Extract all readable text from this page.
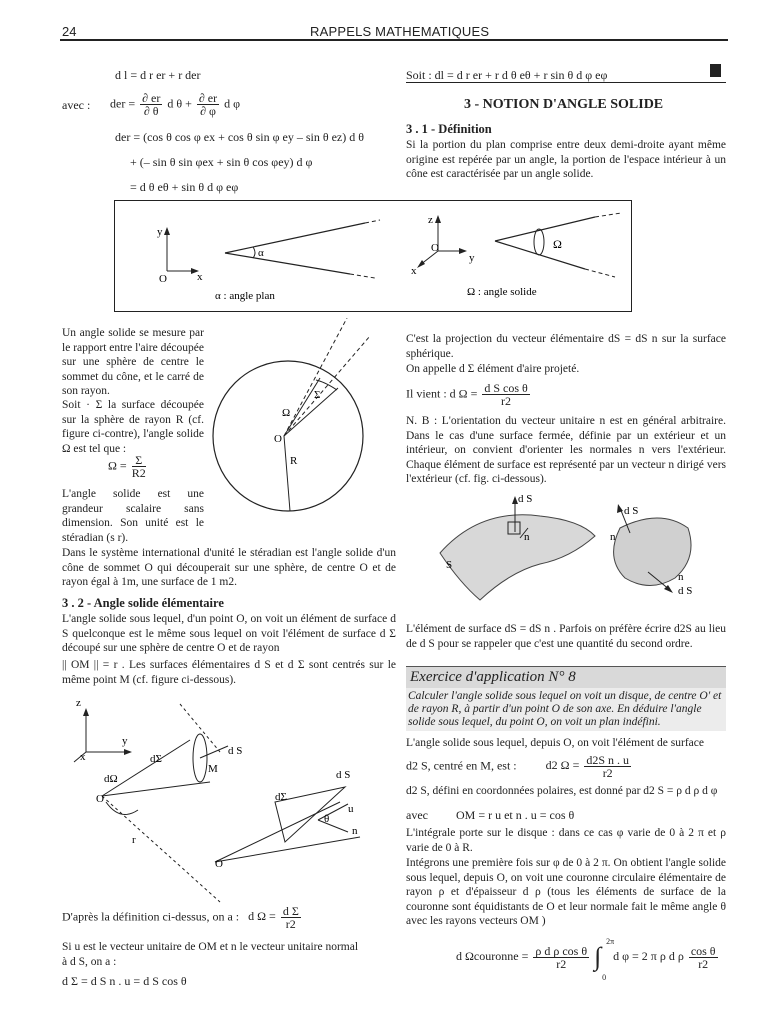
24	RAPPELS MATHEMATIQUES
d l = d r er + r der
avec : der = $\frac{\partial er}{\partial \theta}$ d $\theta + \frac{\partial er}{\partial \varphi}$ d φ
der = (cos θ cos φ ex + cos θ sin φ ey – sin θ ez) d θ
+ (– sin θ sin φex + sin θ cos φey) d φ
= d θ eθ + sin θ d φ eφ
Soit : dl = d r er + r d θ eθ + r sin θ d φ eφ
3 - NOTION D'ANGLE SOLIDE
3 . 1 - Définition
Si la portion du plan comprise entre deux demi-droite ayant même origine est repérée par un angle, la portion de l'espace intérieur à un cône est caractérisée par un angle solide.
y
O	x
α
α : angle plan
z
O
y
x
Ω
Ω : angle solide
Un angle solide se mesure par le rapport entre l'aire découpée sur une sphère de centre le sommet du cône, et le carré de son rayon.
Soit · Σ la surface découpée sur la sphère de rayon R (cf. figure ci-contre), l'angle solide Ω est tel que :
$\Omega = \frac{\Sigma}{R2}$
L'angle solide est une grandeur scalaire sans dimension. Son unité est le stéradian (s r).
Σ
Ω
O
R
Dans le système international d'unité le stéradian est l'angle solide d'un cône de sommet O qui découperait sur une sphère, de centre O et de rayon égal à 1m, une surface de 1 m2.
3 . 2 - Angle solide élémentaire
L'angle solide sous lequel, d'un point O, on voit un élément de surface d S quelconque est le même sous lequel on voit l'élément de surface d Σ découpé sur une sphère de centre O et de rayon
|| OM || = r . Les surfaces élémentaires d S et d Σ sont centrés sur le même point M (cf. figure ci-dessous).
z
y
x
O
r
dΣ
d S
M
dΩ
O
d S
dΣ
u
θ
n
D'après la définition ci-dessus, on a : d $\Omega = \frac{\text{d Σ}}{r2}$
Si u est le vecteur unitaire de OM et n le vecteur unitaire normal à d S, on a :
d Σ = d S n . u = d S cos θ
C'est la projection du vecteur élémentaire dS = dS n sur la surface sphérique.
On appelle d Σ élément d'aire projeté.
Il vient : d $\Omega = \frac{\text{d S cos θ}}{r2}$
N. B : L'orientation du vecteur unitaire n est en général arbitraire. Dans le cas d'une surface fermée, définie par un extérieur et un intérieur, on convient d'orienter les normales n vers l'extérieur. Chaque élément de surface est représenté par un vecteur n dirigé vers l'extérieur (cf. fig. ci-dessous).
d S
n
S
d S
n
d S
n
L'élément de surface dS = dS n . Parfois on préfère écrire d2S au lieu de d S pour se rappeler que c'est une quantité du second ordre.
Exercice d'application N° 8
Calculer l'angle solide sous lequel on voit un disque, de centre O' et de rayon R, à partir d'un point O de son axe. En déduire l'angle solide sous lequel, du point O, on voit un plan indéfini.
L'angle solide sous lequel, depuis O, on voit l'élément de surface
d2 S, centré en M, est : d2 $\Omega = \frac{\text{d2S n . u}}{r2}$
d2 S, défini en coordonnées polaires, est donné par d2 S = ρ d ρ d φ
avec OM = r u et n . u = cos θ
L'intégrale porte sur le disque : dans ce cas φ varie de 0 à 2 π et ρ varie de 0 à R.
Intégrons une première fois sur φ de 0 à 2 π. On obtient l'angle solide sous lequel, depuis O, on voit une couronne circulaire élémentaire de rayon ρ et d'épaisseur d ρ (tous les éléments de surface de la couronne sont équidistants de O et leur normale fait le même angle θ avec les rayons vecteurs OM )
d Ωcouronne = $\frac{\text{ρ d ρ cos θ}}{r2}$
∫
2π
0
d φ = 2 π ρ d ρ $\frac{\text{cos θ}}{r2}$
